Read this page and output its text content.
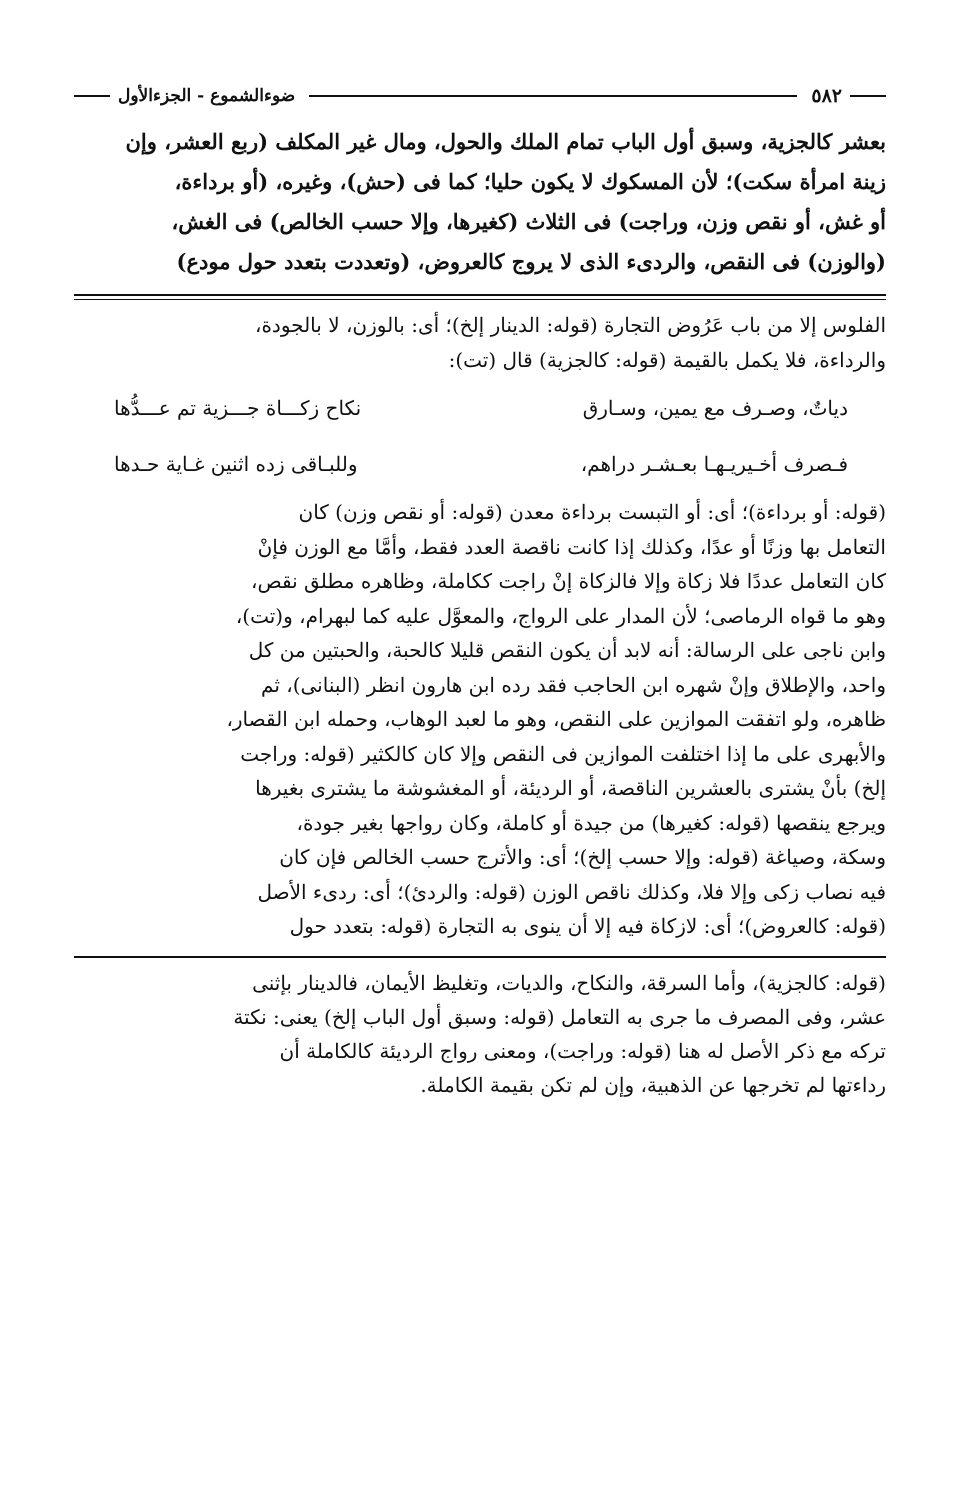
٥٨٢
ضوءالشموع - الجزءالأول

بعشر كالجزية، وسبق أول الباب تمام الملك والحول، ومال غير المكلف (ربع العشر، وإن

زينة امرأة سكت)؛ لأن المسكوك لا يكون حليا؛ كما فى (حش)، وغيره، (أو برداءة،

أو غش، أو نقص وزن، وراجت) فى الثلاث (كغيرها، وإلا حسب الخالص) فى الغش،

(والوزن) فى النقص، والردىء الذى لا يروج كالعروض، (وتعددت بتعدد حول مودع)

الفلوس إلا من باب عَرُوض التجارة (قوله: الدينار إلخ)؛ أى: بالوزن، لا بالجودة،

والرداءة، فلا يكمل بالقيمة (قوله: كالجزية) قال (تت):

دياتٌ، وصـرف مع يمين، وسـارق
نكاح زكـــاة جـــزية تم عـــدُّها
فـصرف أخـيريـهـا بعـشـر دراهم،
وللبـاقى زده اثنين غـاية حـدها

(قوله: أو برداءة)؛ أى: أو التبست برداءة معدن (قوله: أو نقص وزن) كان

التعامل بها وزنًا أو عدًا، وكذلك إذا كانت ناقصة العدد فقط، وأمَّا مع الوزن فإنْ

كان التعامل عددًا فلا زكاة وإلا فالزكاة إنْ راجت ككاملة، وظاهره مطلق نقص،

وهو ما قواه الرماصى؛ لأن المدار على الرواج، والمعوَّل عليه كما لبهرام، و(تت)،

وابن ناجى على الرسالة: أنه لابد أن يكون النقص قليلا كالحبة، والحبتين من كل

واحد، والإطلاق وإنْ شهره ابن الحاجب فقد رده ابن هارون انظر (البنانى)، ثم

ظاهره، ولو اتفقت الموازين على النقص، وهو ما لعبد الوهاب، وحمله ابن القصار،

والأبهرى على ما إذا اختلفت الموازين فى النقص وإلا كان كالكثير (قوله: وراجت

إلخ) بأنْ يشترى بالعشرين الناقصة، أو الرديئة، أو المغشوشة ما يشترى بغيرها

ويرجع ينقصها (قوله: كغيرها) من جيدة أو كاملة، وكان رواجها بغير جودة،

وسكة، وصياغة (قوله: وإلا حسب إلخ)؛ أى: والأترج حسب الخالص فإن كان

فيه نصاب زكى وإلا فلا، وكذلك ناقص الوزن (قوله: والردئ)؛ أى: ردىء الأصل

(قوله: كالعروض)؛ أى: لازكاة فيه إلا أن ينوى به التجارة (قوله: بتعدد حول

(قوله: كالجزية)، وأما السرقة، والنكاح، والديات، وتغليظ الأيمان، فالدينار بإثنى

عشر، وفى المصرف ما جرى به التعامل (قوله: وسبق أول الباب إلخ) يعنى: نكتة

تركه مع ذكر الأصل له هنا (قوله: وراجت)، ومعنى رواج الرديئة كالكاملة أن

رداءتها لم تخرجها عن الذهبية، وإن لم تكن بقيمة الكاملة.
